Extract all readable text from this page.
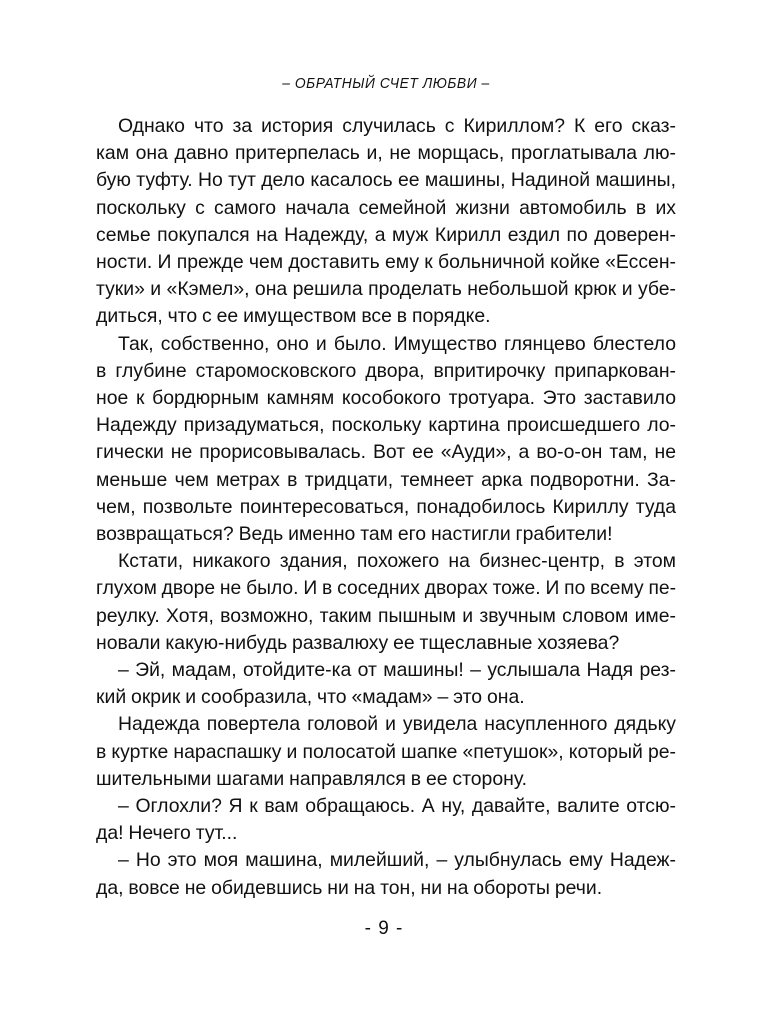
– ОБРАТНЫЙ СЧЕТ ЛЮБВИ –

Однако что за история случилась с Кириллом? К его сказ-
кам она давно притерпелась и, не морщась, проглатывала лю-
бую туфту. Но тут дело касалось ее машины, Надиной машины,
поскольку с самого начала семейной жизни автомобиль в их
семье покупался на Надежду, а муж Кирилл ездил по доверен-
ности. И прежде чем доставить ему к больничной койке «Ессен-
туки» и «Кэмел», она решила проделать небольшой крюк и убе-
диться, что с ее имуществом все в порядке.

Так, собственно, оно и было. Имущество глянцево блестело
в глубине старомосковского двора, впритирочку припаркован-
ное к бордюрным камням кособокого тротуара. Это заставило
Надежду призадуматься, поскольку картина происшедшего ло-
гически не прорисовывалась. Вот ее «Ауди», а во-о-он там, не
меньше чем метрах в тридцати, темнеет арка подворотни. За-
чем, позвольте поинтересоваться, понадобилось Кириллу туда
возвращаться? Ведь именно там его настигли грабители!

Кстати, никакого здания, похожего на бизнес-центр, в этом
глухом дворе не было. И в соседних дворах тоже. И по всему пе-
реулку. Хотя, возможно, таким пышным и звучным словом име-
новали какую-нибудь развалюху ее тщеславные хозяева?

– Эй, мадам, отойдите-ка от машины! – услышала Надя рез-
кий окрик и сообразила, что «мадам» – это она.

Надежда повертела головой и увидела насупленного дядьку
в куртке нараспашку и полосатой шапке «петушок», который ре-
шительными шагами направлялся в ее сторону.

– Оглохли? Я к вам обращаюсь. А ну, давайте, валите отсю-
да! Нечего тут...

– Но это моя машина, милейший, – улыбнулась ему Надеж-
да, вовсе не обидевшись ни на тон, ни на обороты речи.

- 9 -
